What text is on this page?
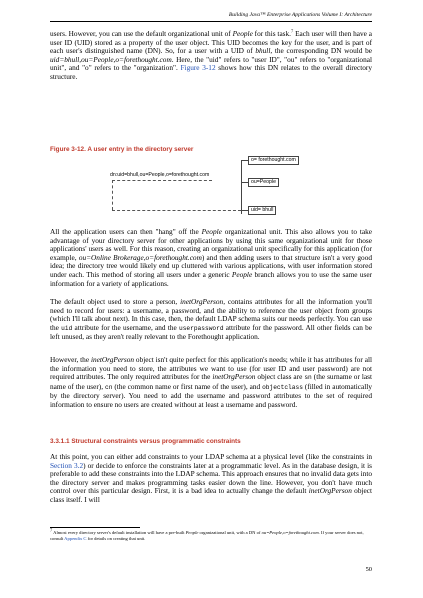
Building Java™ Enterprise Applications Volume I: Architecture

users. However, you can use the default organizational unit of People for this task.$^7$ Each user will then have a user ID (UID) stored as a property of the user object. This UID becomes the key for the user, and is part of each user's distinguished name (DN). So, for a user with a UID of bhull, the corresponding DN would be uid=bhull,ou=People,o=forethought.com. Here, the "uid" refers to "user ID", "ou" refers to "organizational unit", and "o" refers to the "organization". Figure 3-12 shows how this DN relates to the overall directory structure.

Figure 3-12. A user entry in the directory server
o= forethought.com
ou=People
uid= bhull
dn:uid=bhull,ou=People,o=forethought.com

All the application users can then "hang" off the People organizational unit. This also allows you to take advantage of your directory server for other applications by using this same organizational unit for those applications' users as well. For this reason, creating an organizational unit specifically for this application (for example, ou=Online Brokerage,o=forethought.com) and then adding users to that structure isn't a very good idea; the directory tree would likely end up cluttered with various applications, with user information stored under each. This method of storing all users under a generic People branch allows you to use the same user information for a variety of applications.

The default object used to store a person, inetOrgPerson, contains attributes for all the information you'll need to record for users: a username, a password, and the ability to reference the user object from groups (which I'll talk about next). In this case, then, the default LDAP schema suits our needs perfectly. You can use the uid attribute for the username, and the userpassword attribute for the password. All other fields can be left unused, as they aren't really relevant to the Forethought application.

However, the inetOrgPerson object isn't quite perfect for this application's needs; while it has attributes for all the information you need to store, the attributes we want to use (for user ID and user password) are not required attributes. The only required attributes for the inetOrgPerson object class are sn (the surname or last name of the user), cn (the common name or first name of the user), and objectclass (filled in automatically by the directory server). You need to add the username and password attributes to the set of required information to ensure no users are created without at least a username and password.

3.3.1.1 Structural constraints versus programmatic constraints

At this point, you can either add constraints to your LDAP schema at a physical level (like the constraints in Section 3.2) or decide to enforce the constraints later at a programmatic level. As in the database design, it is preferable to add these constraints into the LDAP schema. This approach ensures that no invalid data gets into the directory server and makes programming tasks easier down the line. However, you don't have much control over this particular design. First, it is a bad idea to actually change the default inetOrgPerson object class itself. I will

$^7$ Almost every directory server's default installation will have a pre-built People organizational unit, with a DN of ou=People,o=forethought.com. If your server does not, consult Appendix C for details on creating that unit.

50
